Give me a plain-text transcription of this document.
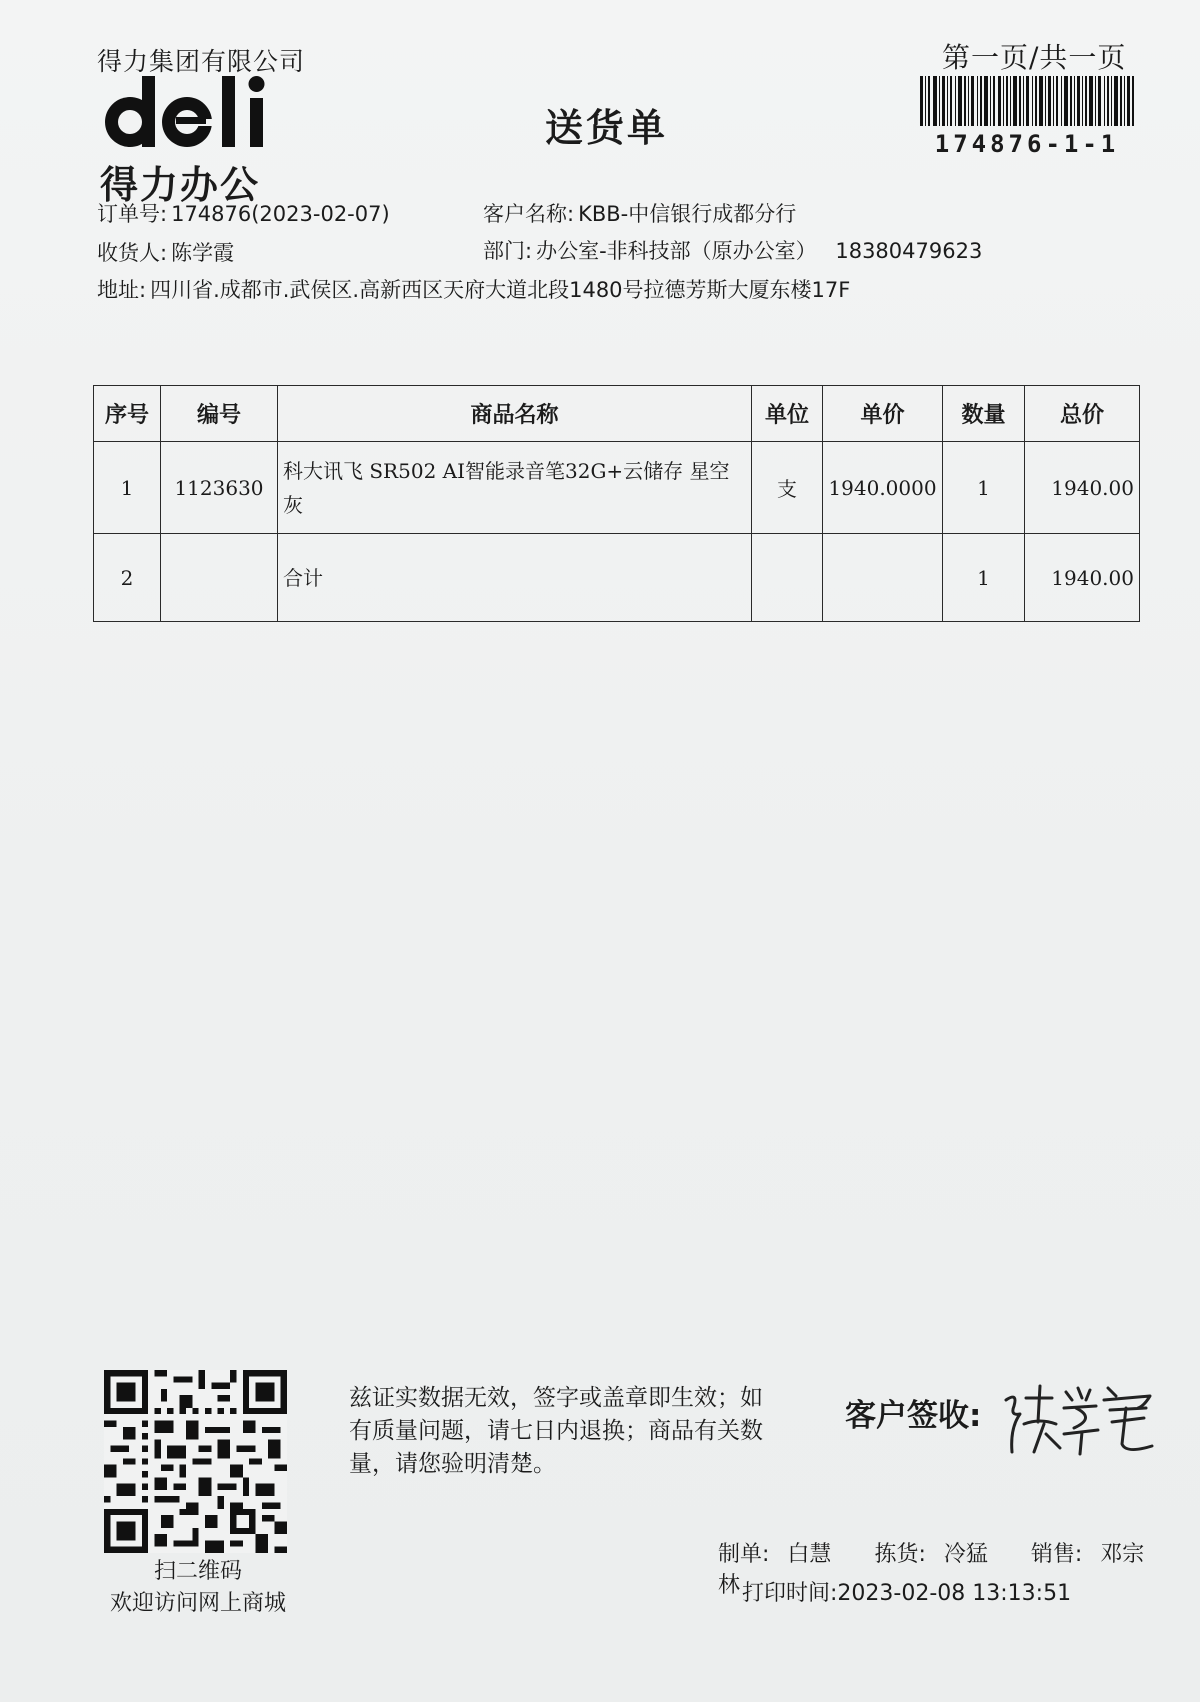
得力集团有限公司
得力办公
送货单
第一页/共一页
174876-1-1
订单号: 174876(2023-02-07)	客户名称: KBB-中信银行成都分行
收货人: 陈学霞	部门: 办公室-非科技部（原办公室） 18380479623
地址: 四川省.成都市.武侯区.高新西区天府大道北段1480号拉德芳斯大厦东楼17F
序号	编号	商品名称	单位	单价	数量	总价
1	1123630	科大讯飞 SR502 AI智能录音笔32G+云储存 星空灰	支	1940.0000	1	1940.00
2		合计			1	1940.00
扫二维码
欢迎访问网上商城
兹证实数据无效，签字或盖章即生效；如有质量问题，请七日内退换；商品有关数量，请您验明清楚。
客户签收:
制单: 白慧 拣货: 冷猛 销售: 邓宗林 打印时间:2023-02-08 13:13:51
